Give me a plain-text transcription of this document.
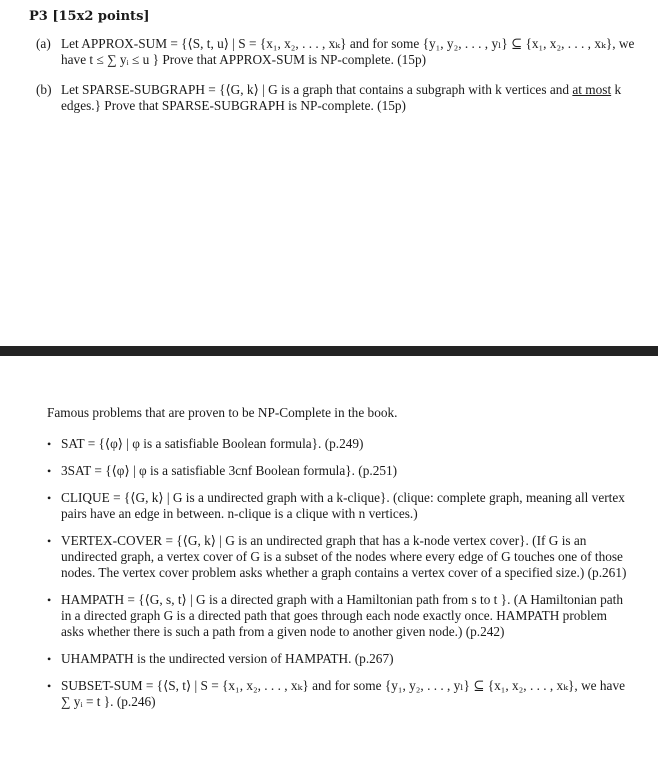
P3 [15x2 points]
(a) Let APPROX-SUM = {⟨S, t, u⟩ | S = {x₁, x₂, . . . , xₖ} and for some {y₁, y₂, . . . , yₗ} ⊆ {x₁, x₂, . . . , xₖ}, we have t ≤ ∑ yᵢ ≤ u } Prove that APPROX-SUM is NP-complete. (15p)
(b) Let SPARSE-SUBGRAPH = {⟨G, k⟩ | G is a graph that contains a subgraph with k vertices and at most k edges.} Prove that SPARSE-SUBGRAPH is NP-complete. (15p)
Famous problems that are proven to be NP-Complete in the book.
• SAT = {⟨φ⟩ | φ is a satisfiable Boolean formula}. (p.249)
• 3SAT = {⟨φ⟩ | φ is a satisfiable 3cnf Boolean formula}. (p.251)
• CLIQUE = {⟨G, k⟩ | G is a undirected graph with a k-clique}. (clique: complete graph, meaning all vertex pairs have an edge in between. n-clique is a clique with n vertices.)
• VERTEX-COVER = {⟨G, k⟩ | G is an undirected graph that has a k-node vertex cover}. (If G is an undirected graph, a vertex cover of G is a subset of the nodes where every edge of G touches one of those nodes. The vertex cover problem asks whether a graph contains a vertex cover of a specified size.) (p.261)
• HAMPATH = {⟨G, s, t⟩ | G is a directed graph with a Hamiltonian path from s to t }. (A Hamiltonian path in a directed graph G is a directed path that goes through each node exactly once. HAMPATH problem asks whether there is such a path from a given node to another given node.) (p.242)
• UHAMPATH is the undirected version of HAMPATH. (p.267)
• SUBSET-SUM = {⟨S, t⟩ | S = {x₁, x₂, . . . , xₖ} and for some {y₁, y₂, . . . , yₗ} ⊆ {x₁, x₂, . . . , xₖ}, we have ∑ yᵢ = t }. (p.246)
